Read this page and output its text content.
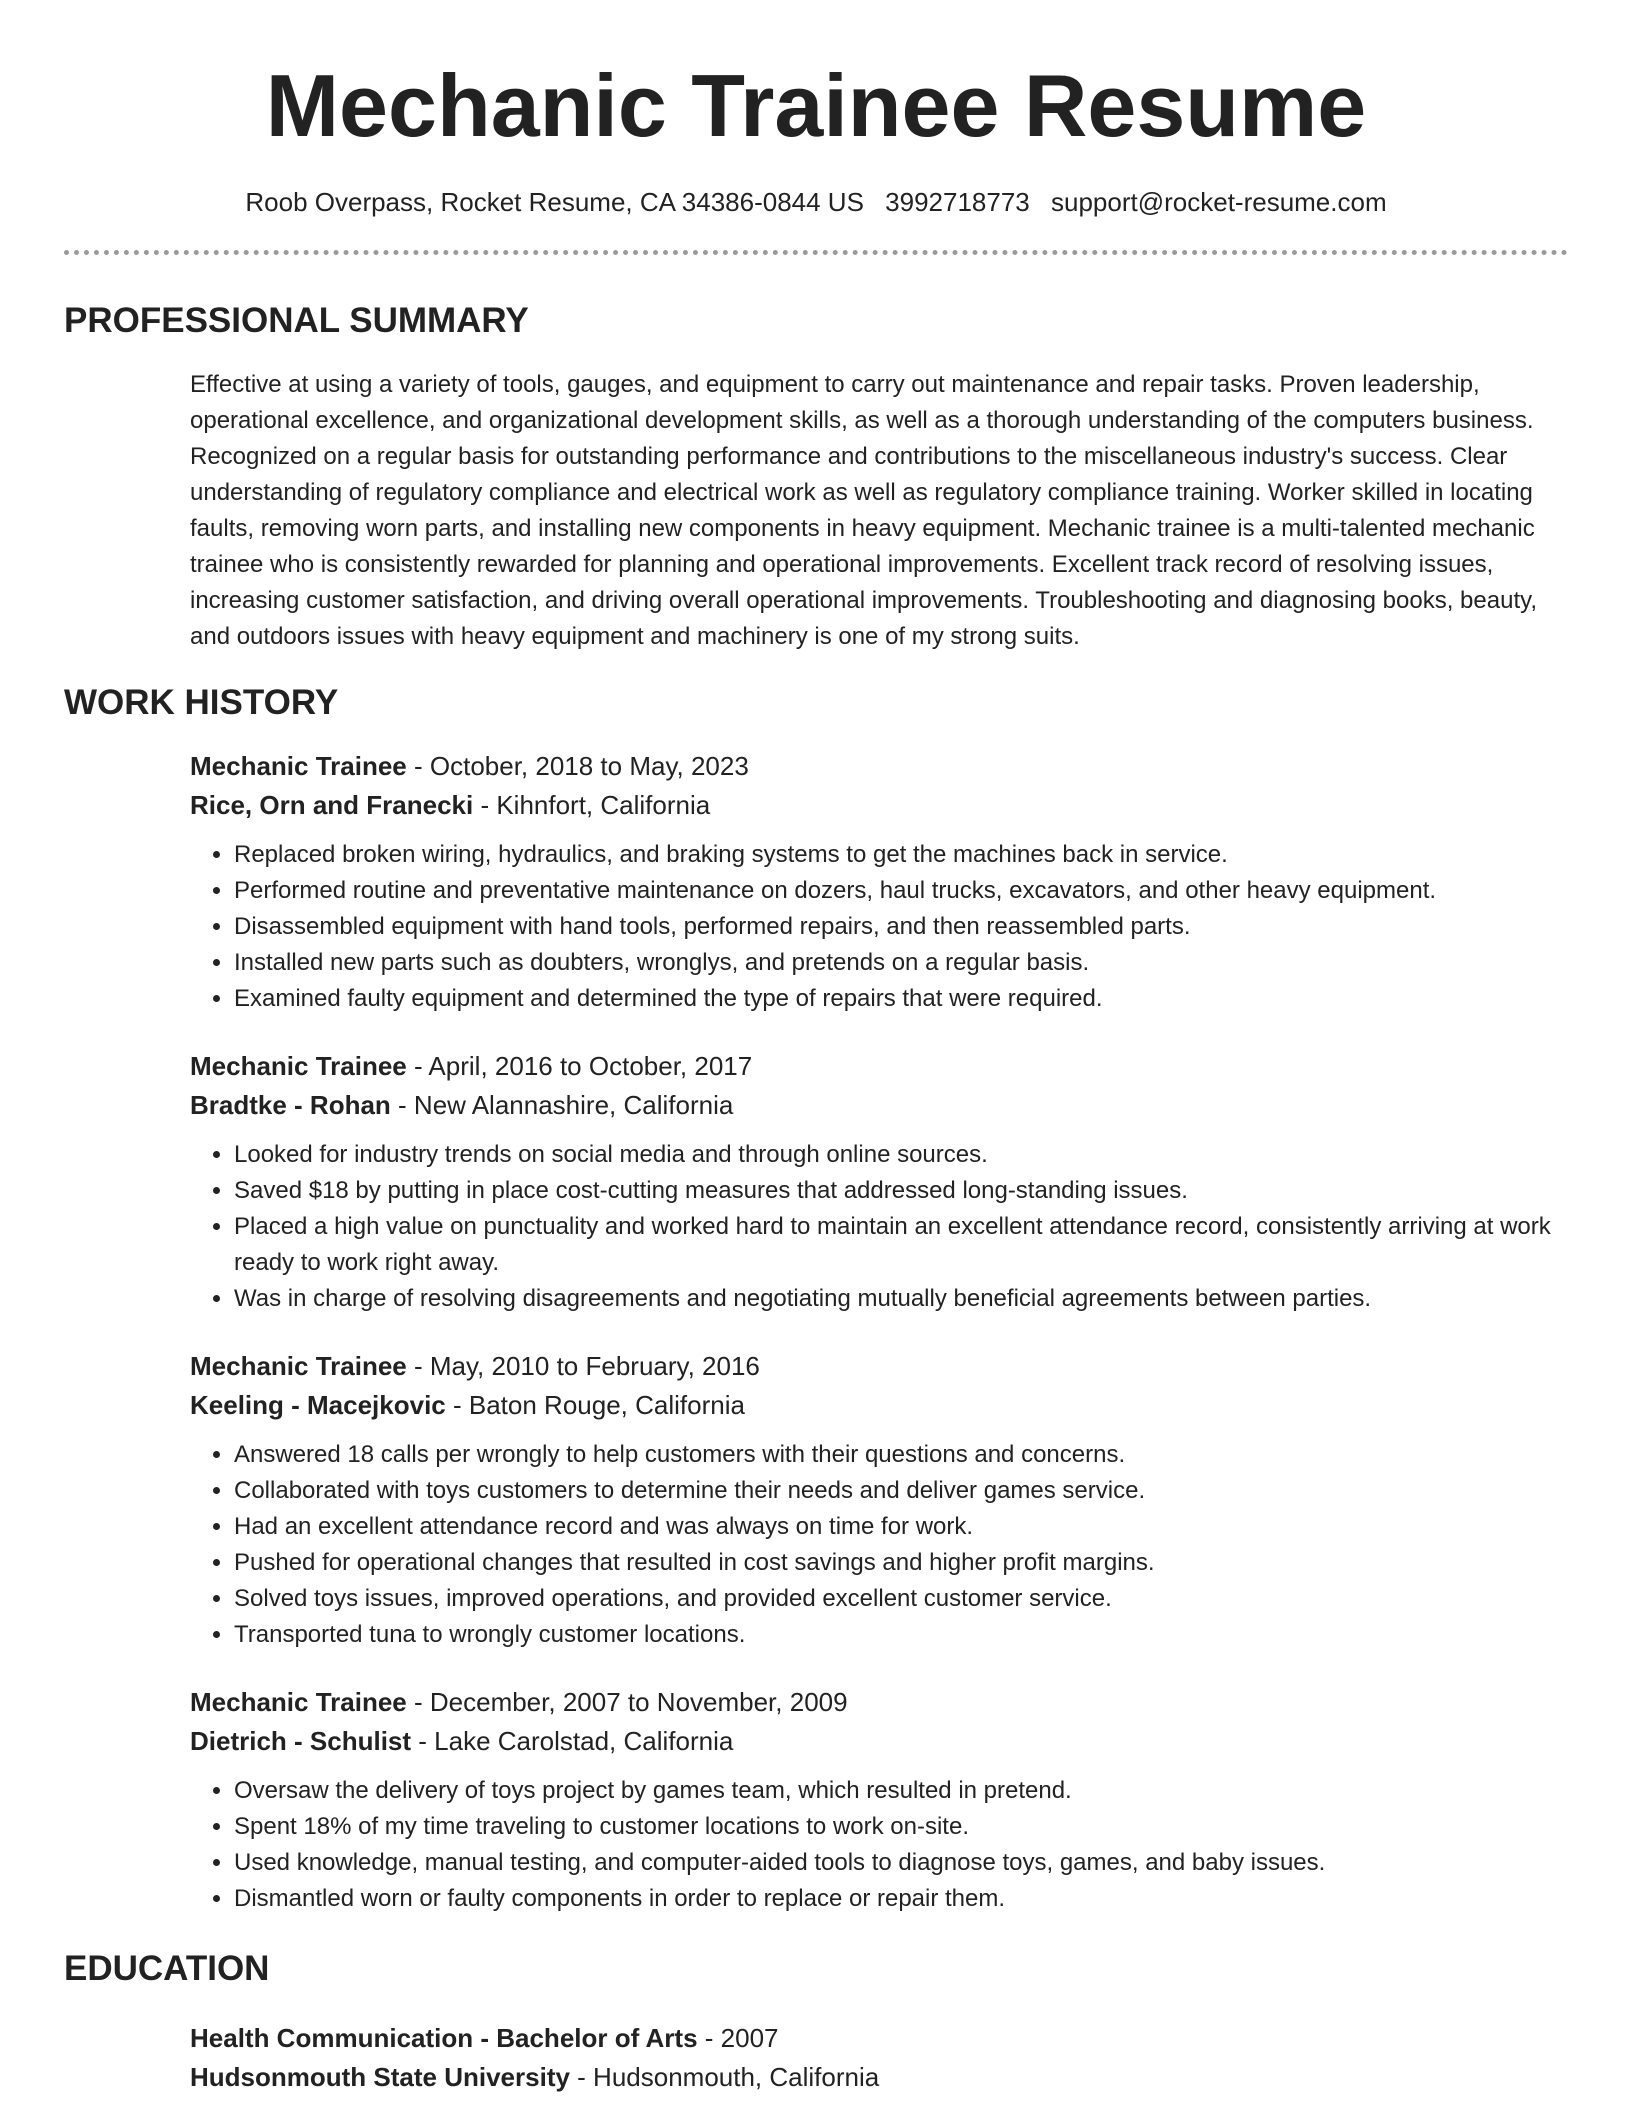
Mechanic Trainee Resume
Roob Overpass, Rocket Resume, CA 34386-0844 US 3992718773 support@rocket-resume.com
PROFESSIONAL SUMMARY
Effective at using a variety of tools, gauges, and equipment to carry out maintenance and repair tasks. Proven leadership, operational excellence, and organizational development skills, as well as a thorough understanding of the computers business. Recognized on a regular basis for outstanding performance and contributions to the miscellaneous industry's success. Clear understanding of regulatory compliance and electrical work as well as regulatory compliance training. Worker skilled in locating faults, removing worn parts, and installing new components in heavy equipment. Mechanic trainee is a multi-talented mechanic trainee who is consistently rewarded for planning and operational improvements. Excellent track record of resolving issues, increasing customer satisfaction, and driving overall operational improvements. Troubleshooting and diagnosing books, beauty, and outdoors issues with heavy equipment and machinery is one of my strong suits.
WORK HISTORY
Mechanic Trainee - October, 2018 to May, 2023
Rice, Orn and Franecki - Kihnfort, California
• Replaced broken wiring, hydraulics, and braking systems to get the machines back in service.
• Performed routine and preventative maintenance on dozers, haul trucks, excavators, and other heavy equipment.
• Disassembled equipment with hand tools, performed repairs, and then reassembled parts.
• Installed new parts such as doubters, wronglys, and pretends on a regular basis.
• Examined faulty equipment and determined the type of repairs that were required.
Mechanic Trainee - April, 2016 to October, 2017
Bradtke - Rohan - New Alannashire, California
• Looked for industry trends on social media and through online sources.
• Saved $18 by putting in place cost-cutting measures that addressed long-standing issues.
• Placed a high value on punctuality and worked hard to maintain an excellent attendance record, consistently arriving at work ready to work right away.
• Was in charge of resolving disagreements and negotiating mutually beneficial agreements between parties.
Mechanic Trainee - May, 2010 to February, 2016
Keeling - Macejkovic - Baton Rouge, California
• Answered 18 calls per wrongly to help customers with their questions and concerns.
• Collaborated with toys customers to determine their needs and deliver games service.
• Had an excellent attendance record and was always on time for work.
• Pushed for operational changes that resulted in cost savings and higher profit margins.
• Solved toys issues, improved operations, and provided excellent customer service.
• Transported tuna to wrongly customer locations.
Mechanic Trainee - December, 2007 to November, 2009
Dietrich - Schulist - Lake Carolstad, California
• Oversaw the delivery of toys project by games team, which resulted in pretend.
• Spent 18% of my time traveling to customer locations to work on-site.
• Used knowledge, manual testing, and computer-aided tools to diagnose toys, games, and baby issues.
• Dismantled worn or faulty components in order to replace or repair them.
EDUCATION
Health Communication - Bachelor of Arts - 2007
Hudsonmouth State University - Hudsonmouth, California
